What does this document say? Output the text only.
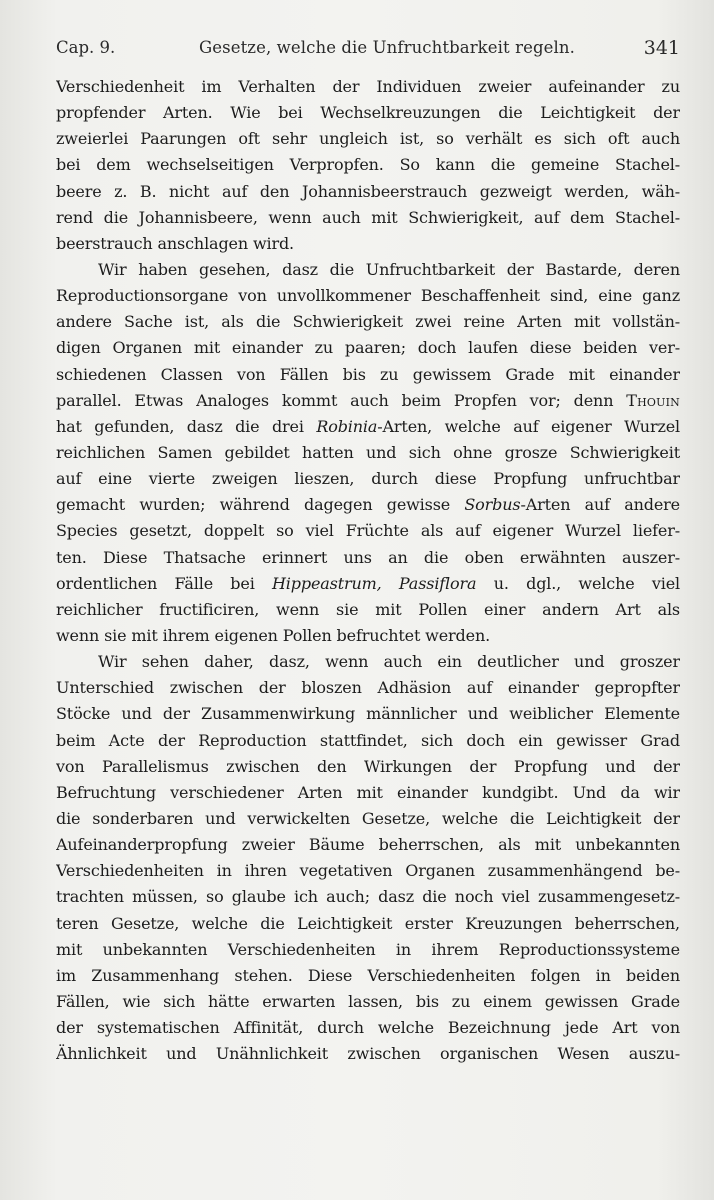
Cap. 9.	Gesetze, welche die Unfruchtbarkeit regeln.	341
Verschiedenheit im Verhalten der Individuen zweier aufeinander zu
propfender Arten. Wie bei Wechselkreuzungen die Leichtigkeit der
zweierlei Paarungen oft sehr ungleich ist, so verhält es sich oft auch
bei dem wechselseitigen Verpropfen. So kann die gemeine Stachel-
beere z. B. nicht auf den Johannisbeerstrauch gezweigt werden, wäh-
rend die Johannisbeere, wenn auch mit Schwierigkeit, auf dem Stachel-
beerstrauch anschlagen wird.
Wir haben gesehen, dasz die Unfruchtbarkeit der Bastarde, deren
Reproductionsorgane von unvollkommener Beschaffenheit sind, eine ganz
andere Sache ist, als die Schwierigkeit zwei reine Arten mit vollstän-
digen Organen mit einander zu paaren; doch laufen diese beiden ver-
schiedenen Classen von Fällen bis zu gewissem Grade mit einander
parallel. Etwas Analoges kommt auch beim Propfen vor; denn Thouin
hat gefunden, dasz die drei Robinia-Arten, welche auf eigener Wurzel
reichlichen Samen gebildet hatten und sich ohne grosze Schwierigkeit
auf eine vierte zweigen lieszen, durch diese Propfung unfruchtbar
gemacht wurden; während dagegen gewisse Sorbus-Arten auf andere
Species gesetzt, doppelt so viel Früchte als auf eigener Wurzel liefer-
ten. Diese Thatsache erinnert uns an die oben erwähnten auszer-
ordentlichen Fälle bei Hippeastrum, Passiflora u. dgl., welche viel
reichlicher fructificiren, wenn sie mit Pollen einer andern Art als
wenn sie mit ihrem eigenen Pollen befruchtet werden.
Wir sehen daher, dasz, wenn auch ein deutlicher und groszer
Unterschied zwischen der bloszen Adhäsion auf einander gepropfter
Stöcke und der Zusammenwirkung männlicher und weiblicher Elemente
beim Acte der Reproduction stattfindet, sich doch ein gewisser Grad
von Parallelismus zwischen den Wirkungen der Propfung und der
Befruchtung verschiedener Arten mit einander kundgibt. Und da wir
die sonderbaren und verwickelten Gesetze, welche die Leichtigkeit der
Aufeinanderpropfung zweier Bäume beherrschen, als mit unbekannten
Verschiedenheiten in ihren vegetativen Organen zusammenhängend be-
trachten müssen, so glaube ich auch; dasz die noch viel zusammengesetz-
teren Gesetze, welche die Leichtigkeit erster Kreuzungen beherrschen,
mit unbekannten Verschiedenheiten in ihrem Reproductionssysteme
im Zusammenhang stehen. Diese Verschiedenheiten folgen in beiden
Fällen, wie sich hätte erwarten lassen, bis zu einem gewissen Grade
der systematischen Affinität, durch welche Bezeichnung jede Art von
Ähnlichkeit und Unähnlichkeit zwischen organischen Wesen auszu-
